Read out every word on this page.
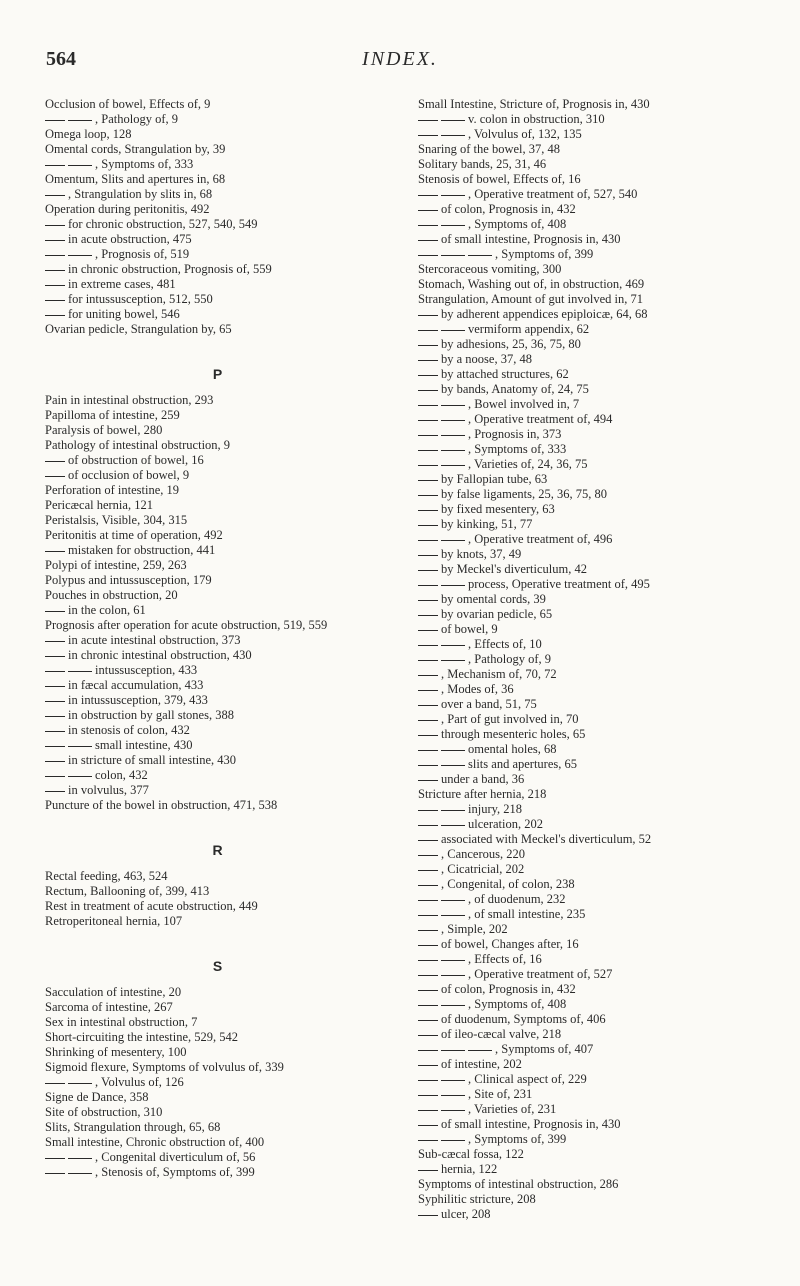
564	INDEX.
Occlusion of bowel, Effects of, 9
, Pathology of, 9
Omega loop, 128
Omental cords, Strangulation by, 39
, Symptoms of, 333
Omentum, Slits and apertures in, 68
, Strangulation by slits in, 68
Operation during peritonitis, 492
for chronic obstruction, 527, 540, 549
in acute obstruction, 475
, Prognosis of, 519
in chronic obstruction, Prognosis of, 559
in extreme cases, 481
for intussusception, 512, 550
for uniting bowel, 546
Ovarian pedicle, Strangulation by, 65
P
Pain in intestinal obstruction, 293
Papilloma of intestine, 259
Paralysis of bowel, 280
Pathology of intestinal obstruction, 9
of obstruction of bowel, 16
of occlusion of bowel, 9
Perforation of intestine, 19
Pericæcal hernia, 121
Peristalsis, Visible, 304, 315
Peritonitis at time of operation, 492
mistaken for obstruction, 441
Polypi of intestine, 259, 263
Polypus and intussusception, 179
Pouches in obstruction, 20
in the colon, 61
Prognosis after operation for acute obstruction, 519, 559
in acute intestinal obstruction, 373
in chronic intestinal obstruction, 430
intussusception, 433
in fæcal accumulation, 433
in intussusception, 379, 433
in obstruction by gall stones, 388
in stenosis of colon, 432
small intestine, 430
in stricture of small intestine, 430
colon, 432
in volvulus, 377
Puncture of the bowel in obstruction, 471, 538
R
Rectal feeding, 463, 524
Rectum, Ballooning of, 399, 413
Rest in treatment of acute obstruction, 449
Retroperitoneal hernia, 107
S
Sacculation of intestine, 20
Sarcoma of intestine, 267
Sex in intestinal obstruction, 7
Short-circuiting the intestine, 529, 542
Shrinking of mesentery, 100
Sigmoid flexure, Symptoms of volvulus of, 339
, Volvulus of, 126
Signe de Dance, 358
Site of obstruction, 310
Slits, Strangulation through, 65, 68
Small intestine, Chronic obstruction of, 400
, Congenital diverticulum of, 56
, Stenosis of, Symptoms of, 399
Small Intestine, Stricture of, Prognosis in, 430
v. colon in obstruction, 310
, Volvulus of, 132, 135
Snaring of the bowel, 37, 48
Solitary bands, 25, 31, 46
Stenosis of bowel, Effects of, 16
, Operative treatment of, 527, 540
of colon, Prognosis in, 432
, Symptoms of, 408
of small intestine, Prognosis in, 430
, Symptoms of, 399
Stercoraceous vomiting, 300
Stomach, Washing out of, in obstruction, 469
Strangulation, Amount of gut involved in, 71
by adherent appendices epiploicæ, 64, 68
vermiform appendix, 62
by adhesions, 25, 36, 75, 80
by a noose, 37, 48
by attached structures, 62
by bands, Anatomy of, 24, 75
, Bowel involved in, 7
, Operative treatment of, 494
, Prognosis in, 373
, Symptoms of, 333
, Varieties of, 24, 36, 75
by Fallopian tube, 63
by false ligaments, 25, 36, 75, 80
by fixed mesentery, 63
by kinking, 51, 77
, Operative treatment of, 496
by knots, 37, 49
by Meckel's diverticulum, 42
process, Operative treatment of, 495
by omental cords, 39
by ovarian pedicle, 65
of bowel, 9
, Effects of, 10
, Pathology of, 9
, Mechanism of, 70, 72
, Modes of, 36
over a band, 51, 75
, Part of gut involved in, 70
through mesenteric holes, 65
omental holes, 68
slits and apertures, 65
under a band, 36
Stricture after hernia, 218
injury, 218
ulceration, 202
associated with Meckel's diverticulum, 52
, Cancerous, 220
, Cicatricial, 202
, Congenital, of colon, 238
, of duodenum, 232
, of small intestine, 235
, Simple, 202
of bowel, Changes after, 16
, Effects of, 16
, Operative treatment of, 527
of colon, Prognosis in, 432
, Symptoms of, 408
of duodenum, Symptoms of, 406
of ileo-cæcal valve, 218
, Symptoms of, 407
of intestine, 202
, Clinical aspect of, 229
, Site of, 231
, Varieties of, 231
of small intestine, Prognosis in, 430
, Symptoms of, 399
Sub-cæcal fossa, 122
hernia, 122
Symptoms of intestinal obstruction, 286
Syphilitic stricture, 208
ulcer, 208
